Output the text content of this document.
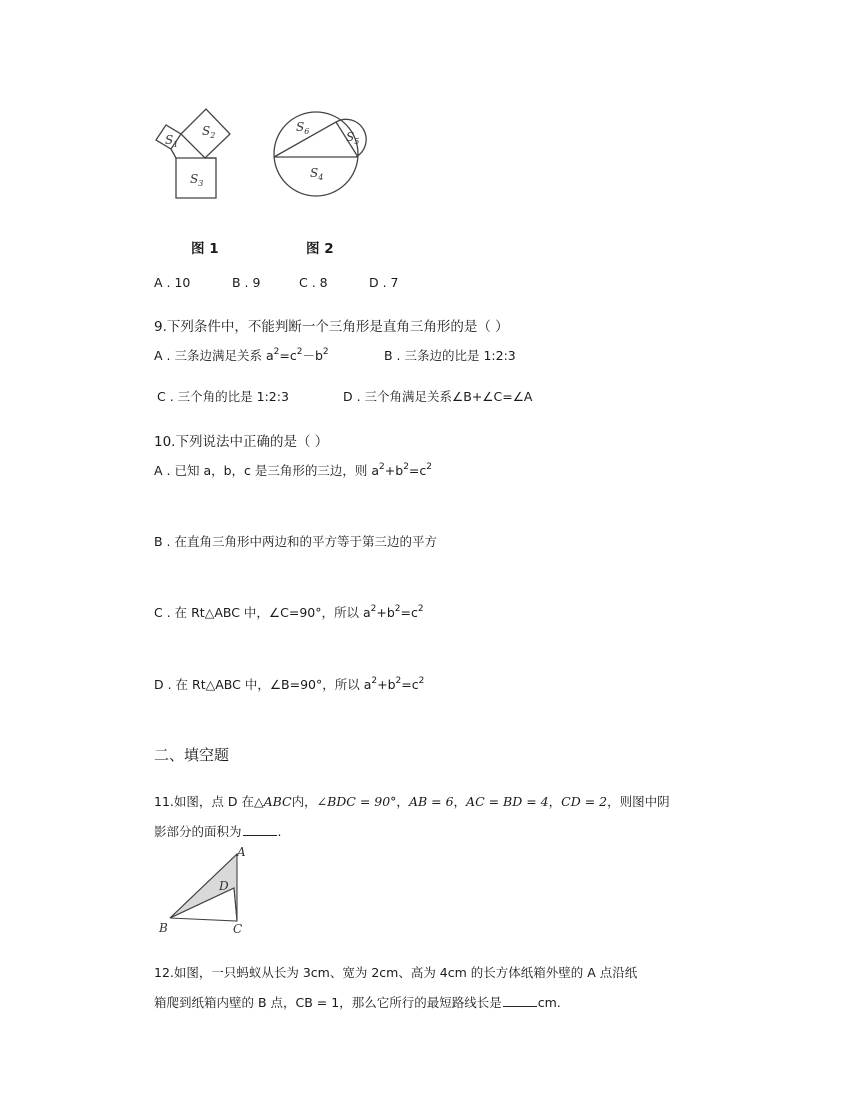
$S_1$
$S_2$
$S_3$
$S_6$	$S_5$
$S_4$
图 1	图 2
A . 10	B . 9	C . 8	D . 7
9.下列条件中，不能判断一个三角形是直角三角形的是（ ）
A . 三条边满足关系 $a^2=c^2-b^2$	B . 三条边的比是 1:2:3
C . 三个角的比是 1:2:3	D . 三个角满足关系∠B+∠C=∠A
10.下列说法中正确的是（ ）
A . 已知 a，b，c 是三角形的三边，则 $a^2+b^2=c^2$
B . 在直角三角形中两边和的平方等于第三边的平方
C . 在 Rt△ABC 中，∠C=90°，所以 $a^2+b^2=c^2$
D . 在 Rt△ABC 中，∠B=90°，所以 $a^2+b^2=c^2$
二、填空题
11.如图，点 D 在△ABC内，∠BDC = 90°，AB = 6，AC = BD = 4，CD = 2，则图中阴
影部分的面积为	.
A
D
B	C
12.如图，一只蚂蚁从长为 3cm、宽为 2cm、高为 4cm 的长方体纸箱外壁的 A 点沿纸
箱爬到纸箱内壁的 B 点，CB = 1，那么它所行的最短路线长是	cm.
